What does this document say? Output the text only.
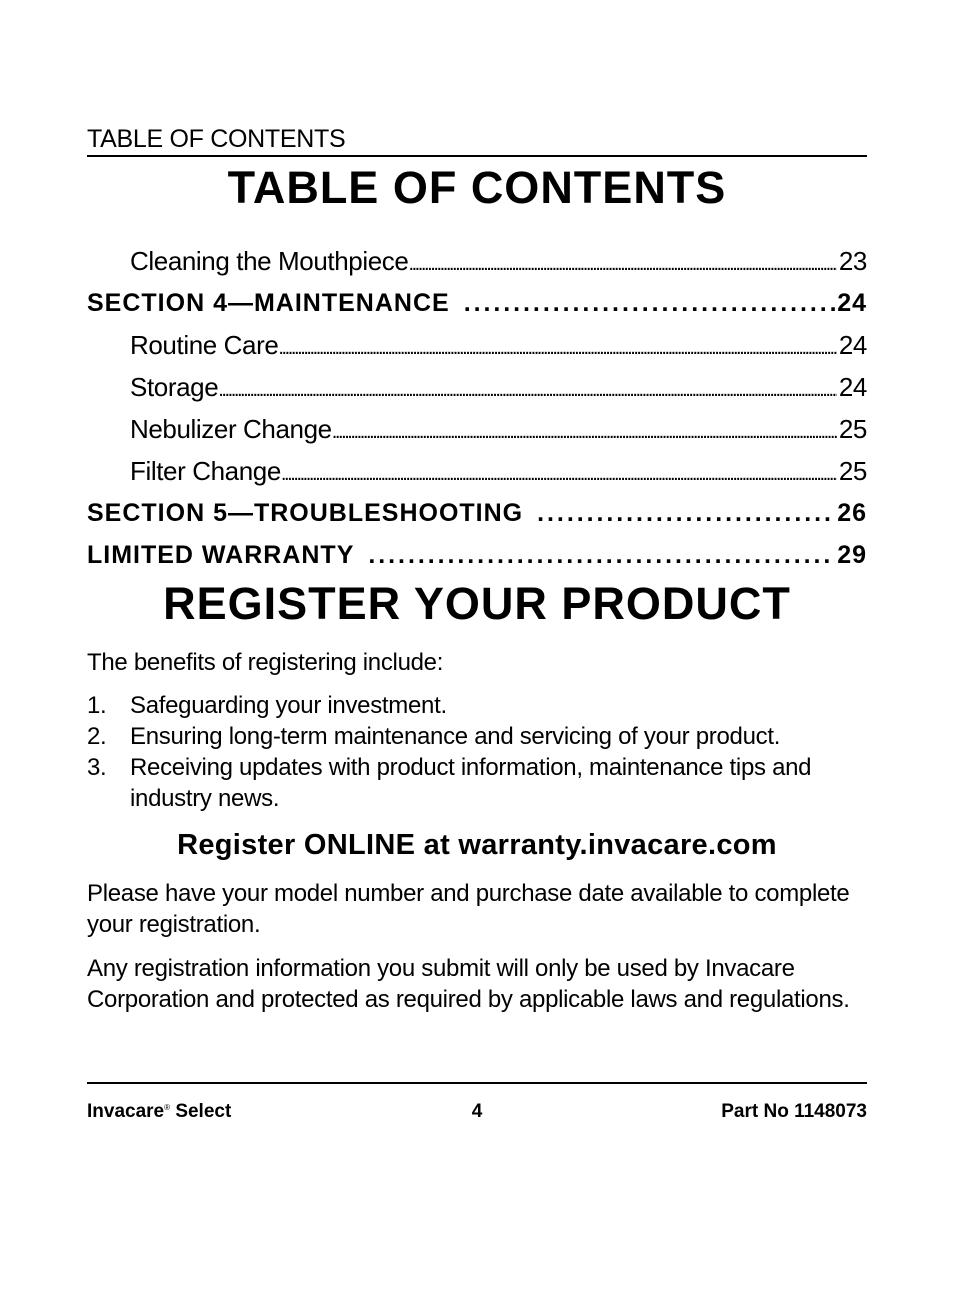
TABLE OF CONTENTS
TABLE OF CONTENTS
Cleaning the Mouthpiece . . .	23
SECTION 4—MAINTENANCE . . .	24
Routine Care . . .	24
Storage . . .	24
Nebulizer Change . . .	25
Filter Change . . .	25
SECTION 5—TROUBLESHOOTING . . .	26
LIMITED WARRANTY . . .	29
REGISTER YOUR PRODUCT
The benefits of registering include:
1. Safeguarding your investment.
2. Ensuring long-term maintenance and servicing of your product.
3. Receiving updates with product information, maintenance tips and industry news.
Register ONLINE at warranty.invacare.com
Please have your model number and purchase date available to complete your registration.
Any registration information you submit will only be used by Invacare Corporation and protected as required by applicable laws and regulations.
Invacare® Select	4	Part No 1148073
